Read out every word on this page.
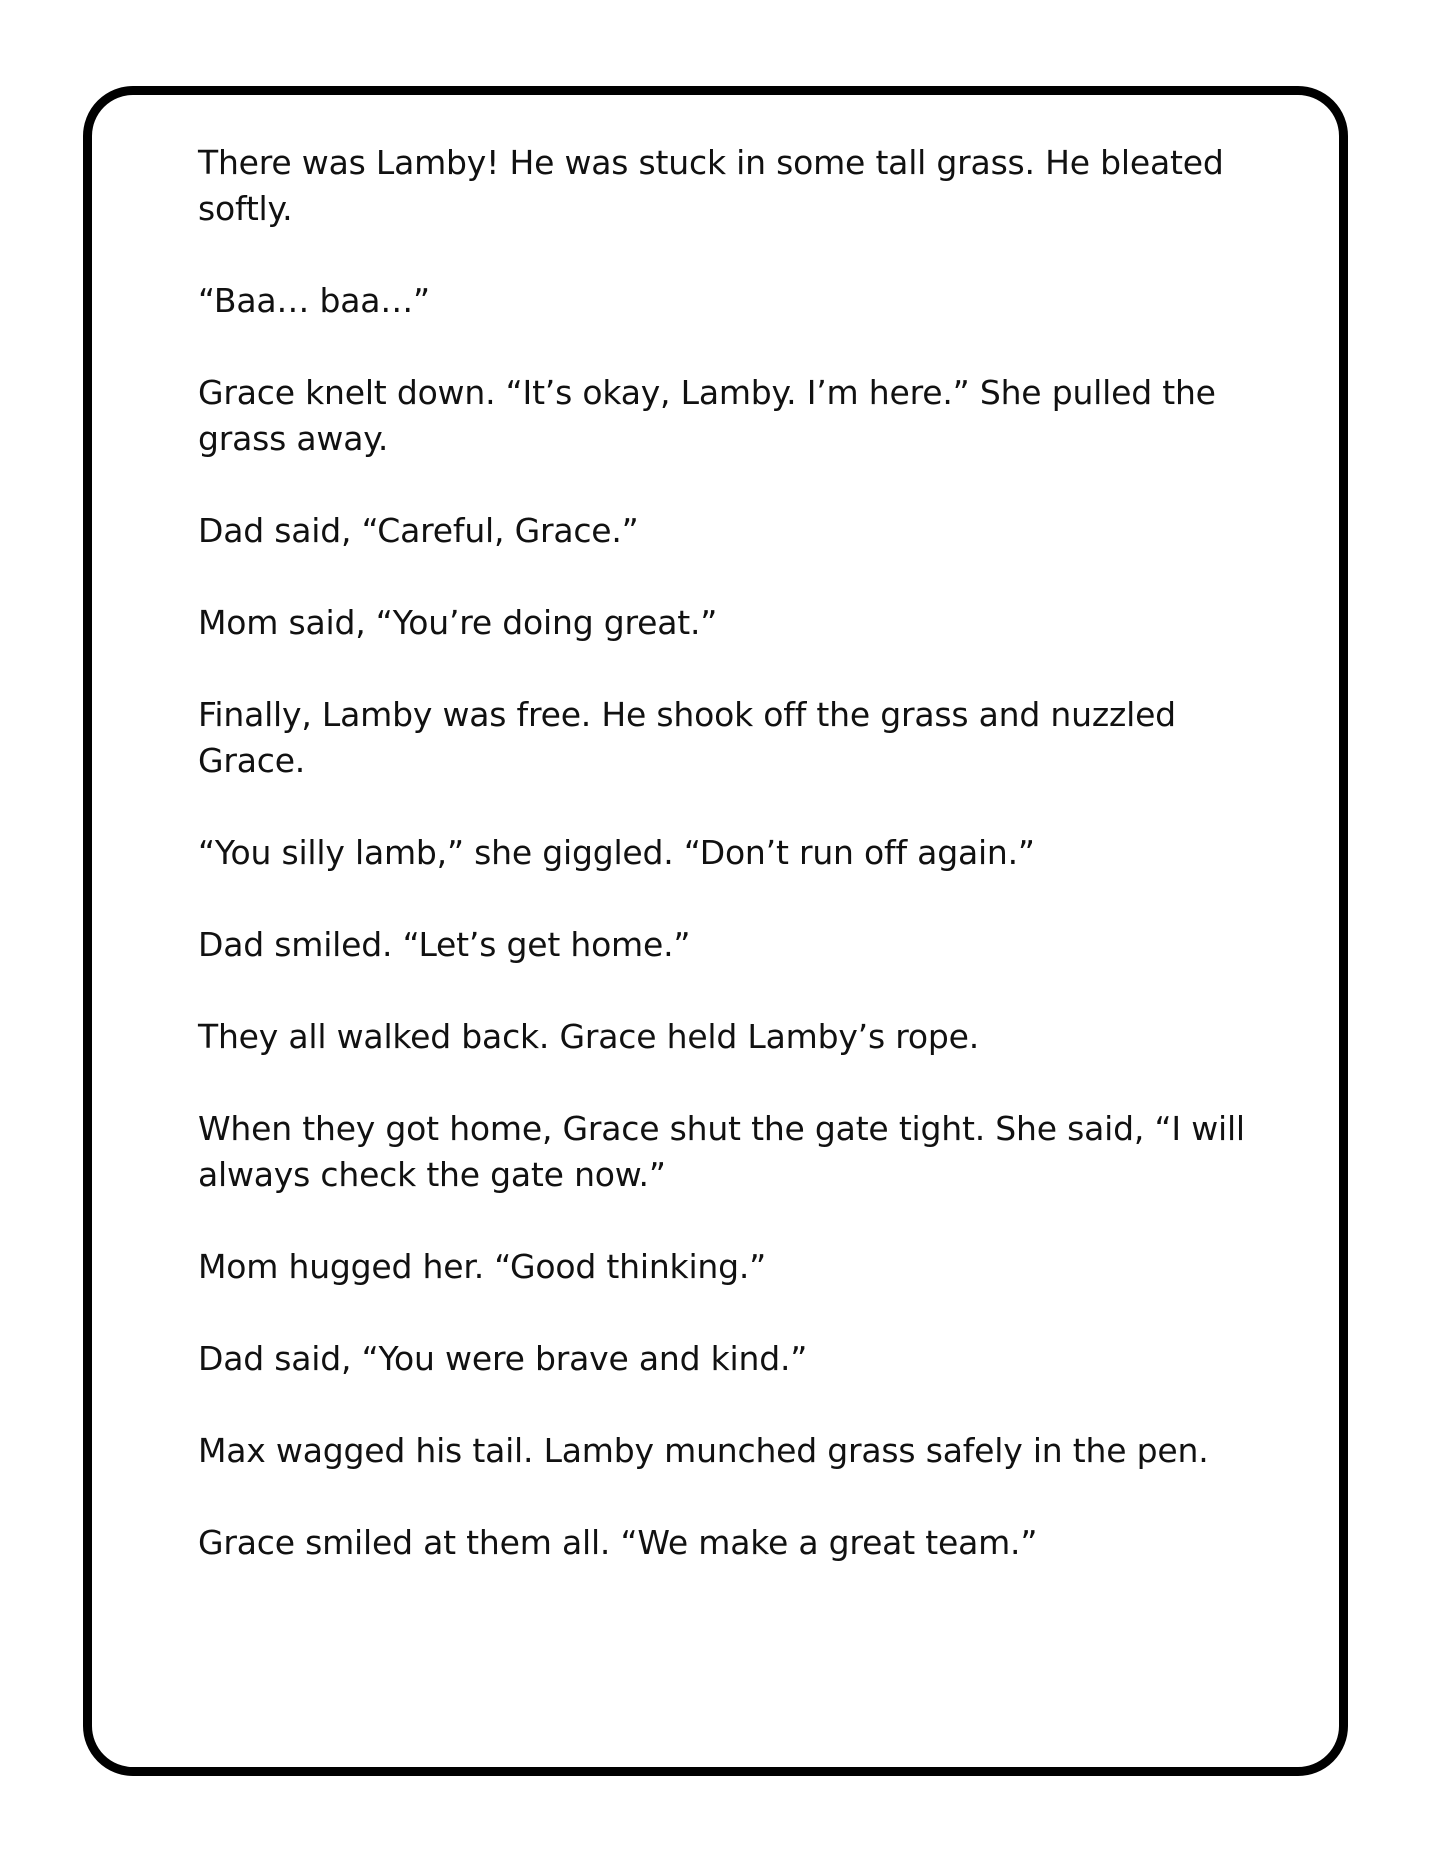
There was Lamby! He was stuck in some tall grass. He bleated softly.

“Baa… baa…”

Grace knelt down. “It’s okay, Lamby. I’m here.” She pulled the grass away.

Dad said, “Careful, Grace.”

Mom said, “You’re doing great.”

Finally, Lamby was free. He shook off the grass and nuzzled Grace.

“You silly lamb,” she giggled. “Don’t run off again.”

Dad smiled. “Let’s get home.”

They all walked back. Grace held Lamby’s rope.

When they got home, Grace shut the gate tight. She said, “I will always check the gate now.”

Mom hugged her. “Good thinking.”

Dad said, “You were brave and kind.”

Max wagged his tail. Lamby munched grass safely in the pen.

Grace smiled at them all. “We make a great team.”
